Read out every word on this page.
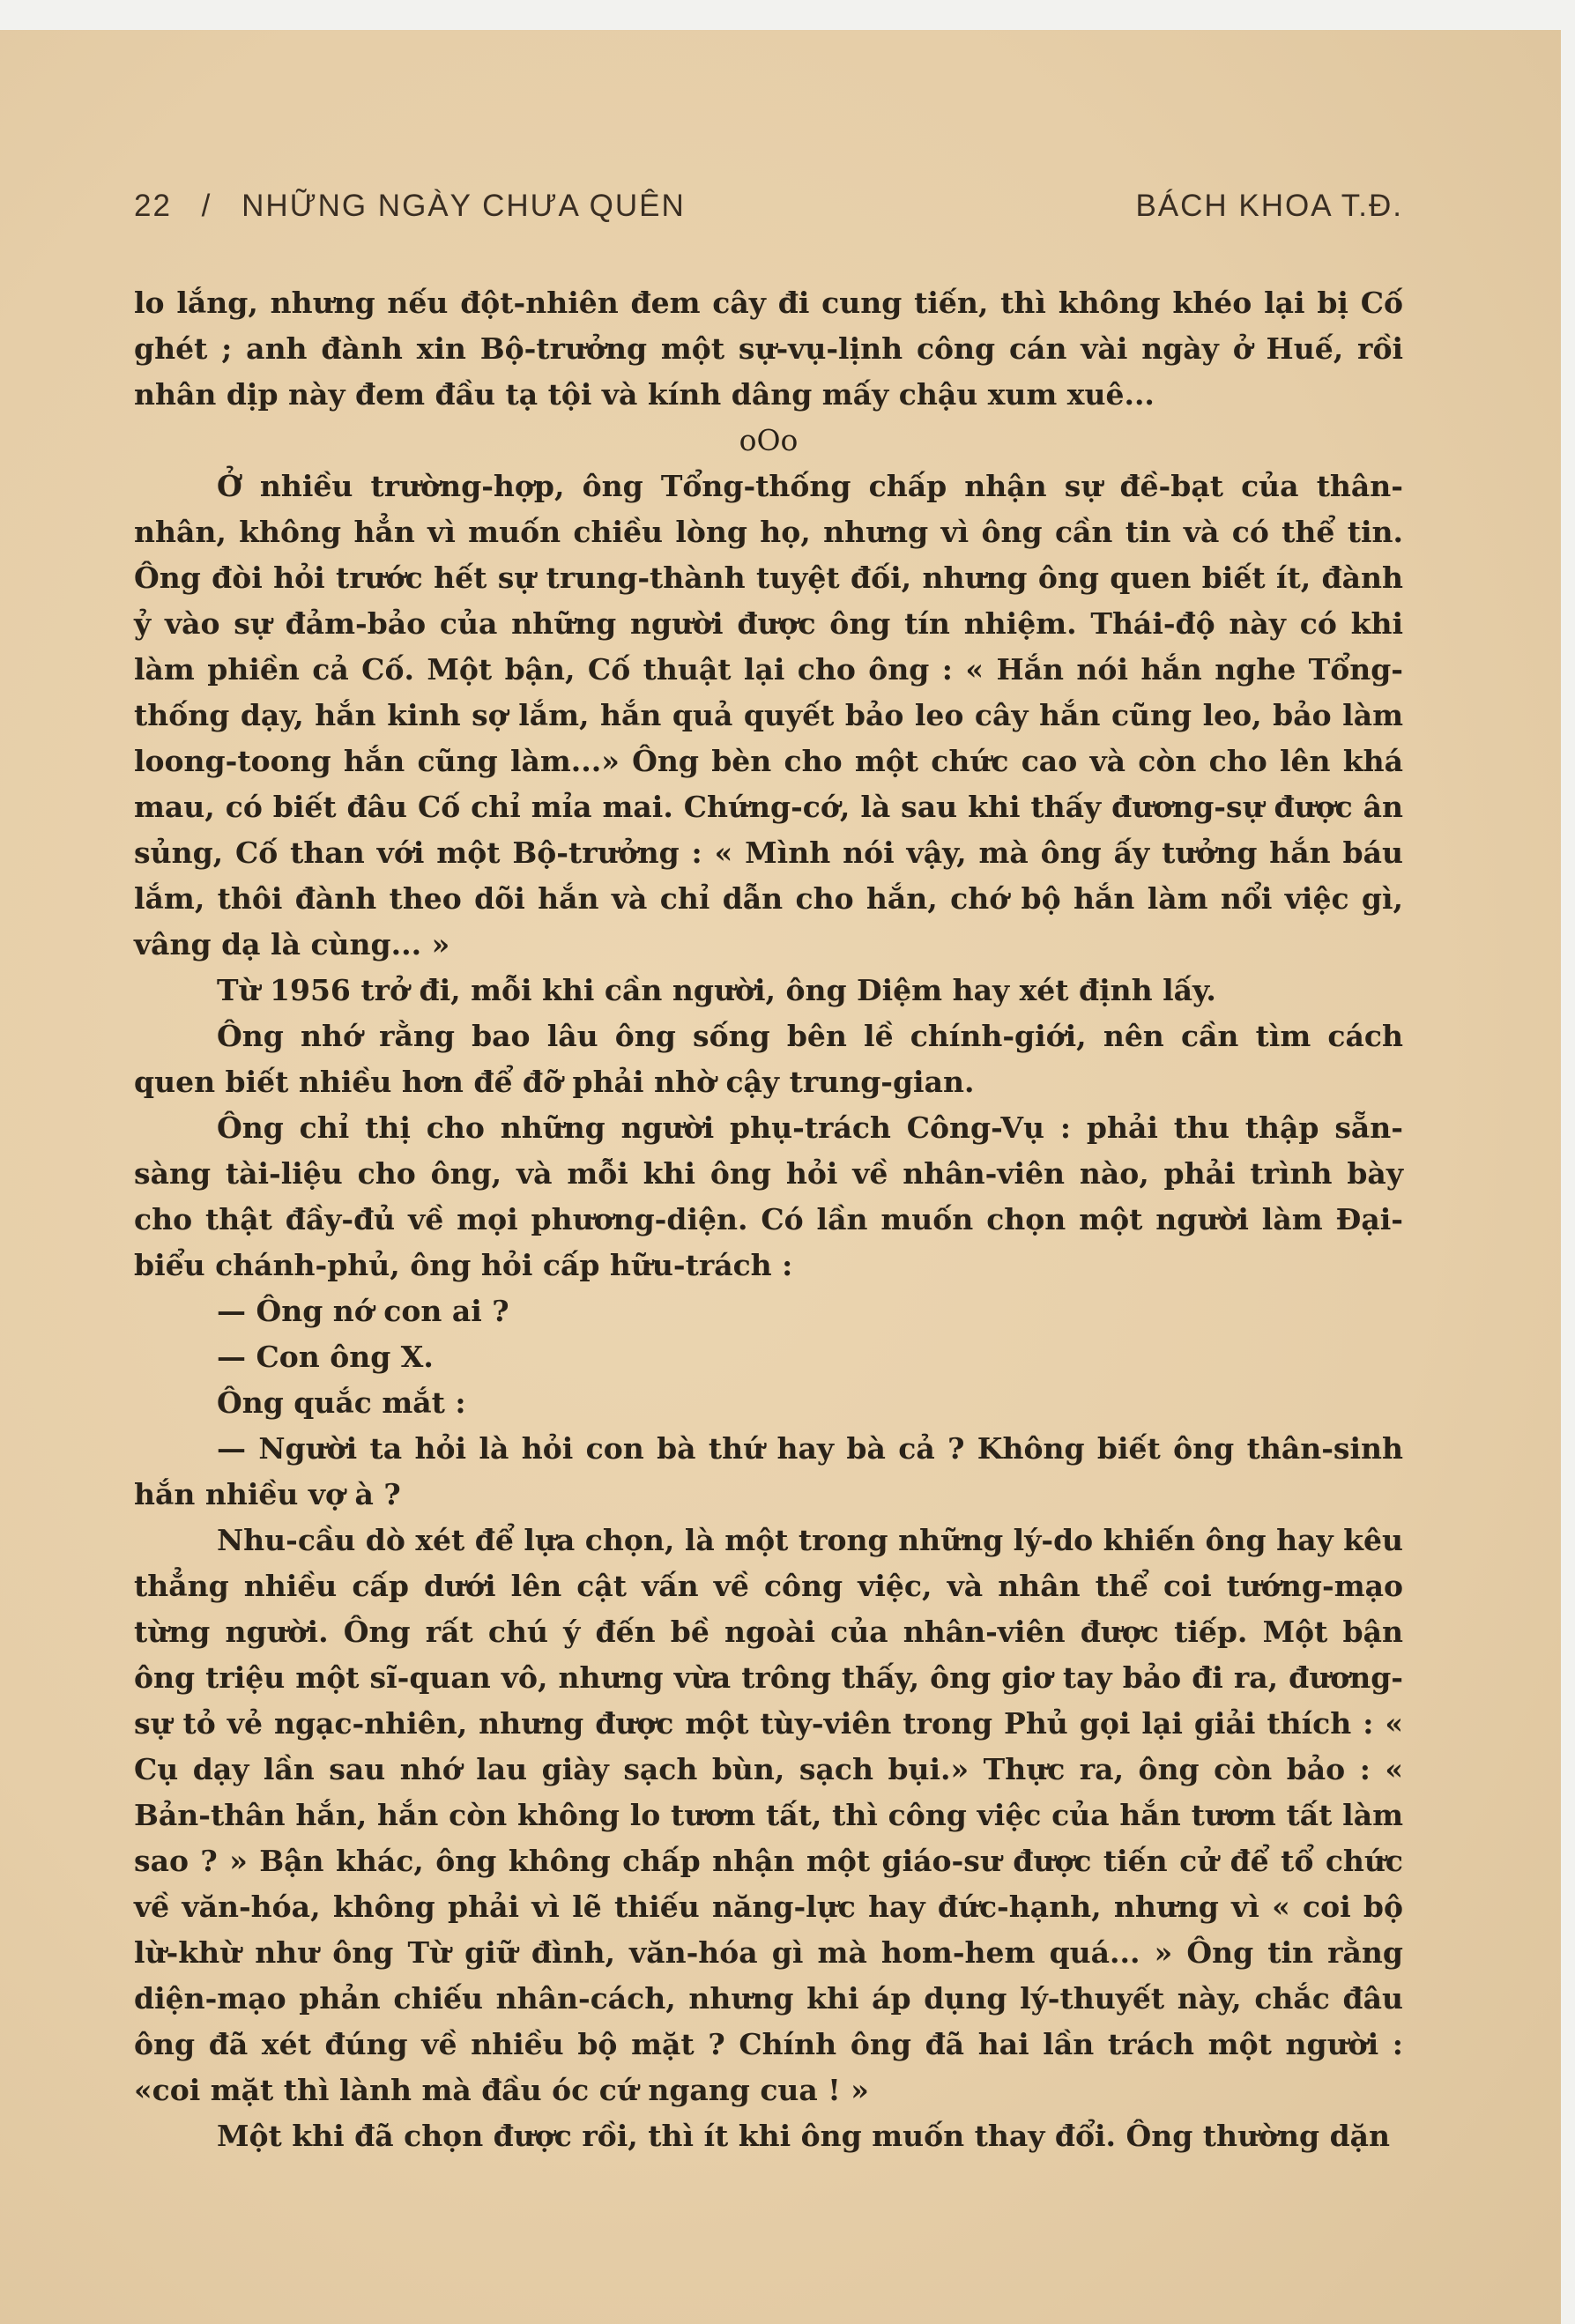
22 / NHỮNG NGÀY CHƯA QUÊN	BÁCH KHOA T.Đ.

lo lắng, nhưng nếu đột-nhiên đem cây đi cung tiến, thì không khéo lại bị Cố ghét ; anh đành xin Bộ-trưởng một sự-vụ-lịnh công cán vài ngày ở Huế, rồi nhân dịp này đem đầu tạ tội và kính dâng mấy chậu xum xuê...

oOo

Ở nhiều trường-hợp, ông Tổng-thống chấp nhận sự đề-bạt của thân-nhân, không hẳn vì muốn chiều lòng họ, nhưng vì ông cần tin và có thể tin. Ông đòi hỏi trước hết sự trung-thành tuyệt đối, nhưng ông quen biết ít, đành ỷ vào sự đảm-bảo của những người được ông tín nhiệm. Thái-độ này có khi làm phiền cả Cố. Một bận, Cố thuật lại cho ông : « Hắn nói hắn nghe Tổng-thống dạy, hắn kinh sợ lắm, hắn quả quyết bảo leo cây hắn cũng leo, bảo làm loong-toong hắn cũng làm...» Ông bèn cho một chức cao và còn cho lên khá mau, có biết đâu Cố chỉ mỉa mai. Chứng-cớ, là sau khi thấy đương-sự được ân sủng, Cố than với một Bộ-trưởng : « Mình nói vậy, mà ông ấy tưởng hắn báu lắm, thôi đành theo dõi hắn và chỉ dẫn cho hắn, chớ bộ hắn làm nổi việc gì, vâng dạ là cùng... »

Từ 1956 trở đi, mỗi khi cần người, ông Diệm hay xét định lấy.

Ông nhớ rằng bao lâu ông sống bên lề chính-giới, nên cần tìm cách quen biết nhiều hơn để đỡ phải nhờ cậy trung-gian.

Ông chỉ thị cho những người phụ-trách Công-Vụ : phải thu thập sẵn-sàng tài-liệu cho ông, và mỗi khi ông hỏi về nhân-viên nào, phải trình bày cho thật đầy-đủ về mọi phương-diện. Có lần muốn chọn một người làm Đại-biểu chánh-phủ, ông hỏi cấp hữu-trách :

— Ông nớ con ai ?

— Con ông X.

Ông quắc mắt :

— Người ta hỏi là hỏi con bà thứ hay bà cả ? Không biết ông thân-sinh hắn nhiều vợ à ?

Nhu-cầu dò xét để lựa chọn, là một trong những lý-do khiến ông hay kêu thẳng nhiều cấp dưới lên cật vấn về công việc, và nhân thể coi tướng-mạo từng người. Ông rất chú ý đến bề ngoài của nhân-viên được tiếp. Một bận ông triệu một sĩ-quan vô, nhưng vừa trông thấy, ông giơ tay bảo đi ra, đương-sự tỏ vẻ ngạc-nhiên, nhưng được một tùy-viên trong Phủ gọi lại giải thích : « Cụ dạy lần sau nhớ lau giày sạch bùn, sạch bụi.» Thực ra, ông còn bảo : « Bản-thân hắn, hắn còn không lo tươm tất, thì công việc của hắn tươm tất làm sao ? » Bận khác, ông không chấp nhận một giáo-sư được tiến cử để tổ chức về văn-hóa, không phải vì lẽ thiếu năng-lực hay đức-hạnh, nhưng vì « coi bộ lừ-khừ như ông Từ giữ đình, văn-hóa gì mà hom-hem quá... » Ông tin rằng diện-mạo phản chiếu nhân-cách, nhưng khi áp dụng lý-thuyết này, chắc đâu ông đã xét đúng về nhiều bộ mặt ? Chính ông đã hai lần trách một người : «coi mặt thì lành mà đầu óc cứ ngang cua ! »

Một khi đã chọn được rồi, thì ít khi ông muốn thay đổi. Ông thường dặn
